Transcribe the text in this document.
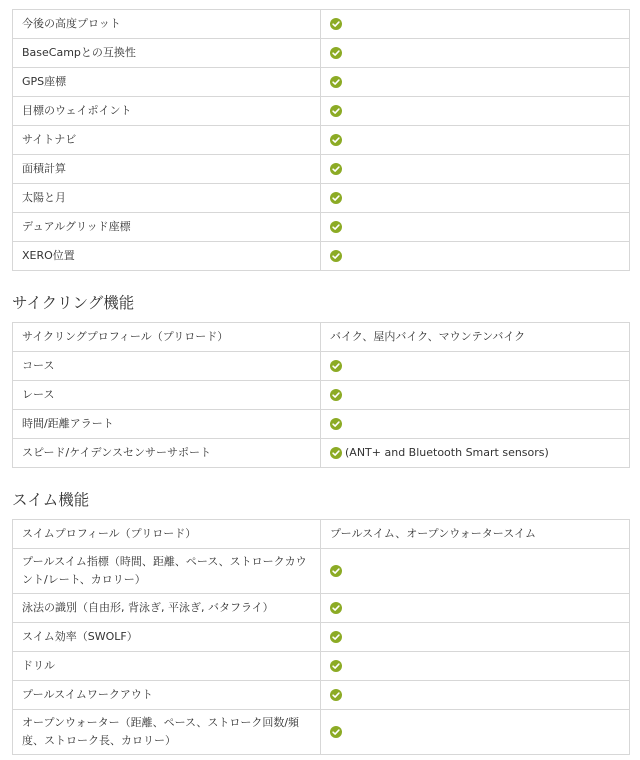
今後の高度プロット	

BaseCampとの互換性	

GPS座標	

目標のウェイポイント	

サイトナビ	

面積計算	

太陽と月	

デュアルグリッド座標	

XERO位置	
サイクリング機能
サイクリングプロフィール（プリロード）	バイク、屋内バイク、マウンテンバイク

コース	

レース	

時間/距離アラート	

スピード/ケイデンスセンサーサポート	(ANT+ and Bluetooth Smart sensors)
スイム機能
スイムプロフィール（プリロード）	プールスイム、オープンウォータースイム

プールスイム指標（時間、距離、ペース、ストロークカウント/レート、カロリー）	

泳法の識別（自由形, 背泳ぎ, 平泳ぎ, バタフライ）	

スイム効率（SWOLF）	

ドリル	

プールスイムワークアウト	

オープンウォーター（距離、ペース、ストローク回数/頻度、ストローク長、カロリー）	
